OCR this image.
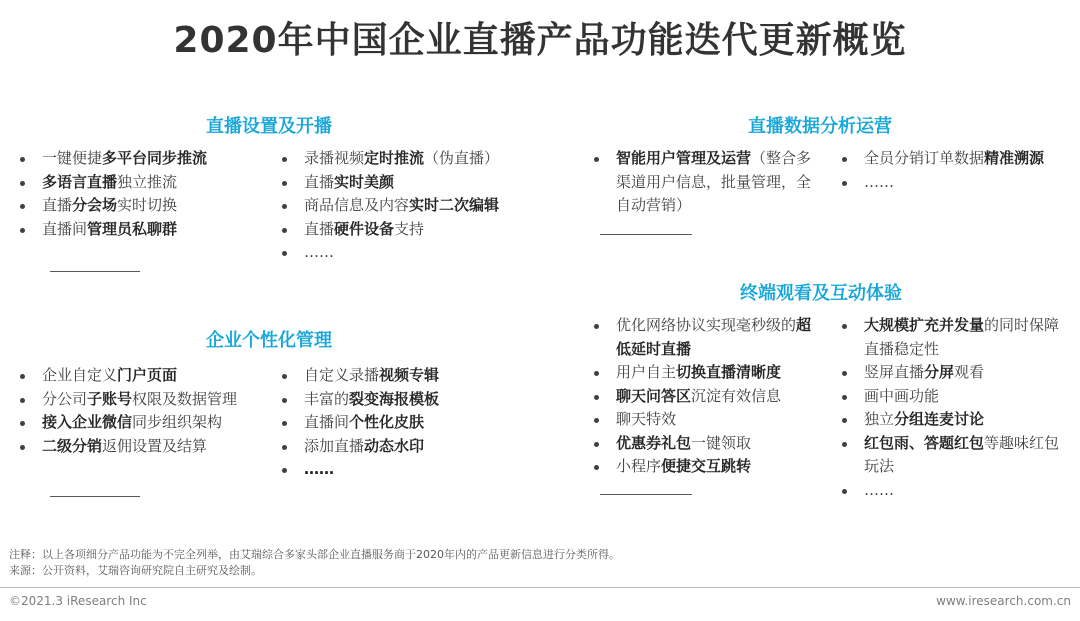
2020年中国企业直播产品功能迭代更新概览
直播设置及开播
一键便捷多平台同步推流
多语言直播独立推流
直播分会场实时切换
直播间管理员私聊群
录播视频定时推流（伪直播）
直播实时美颜
商品信息及内容实时二次编辑
直播硬件设备支持
……
企业个性化管理
企业自定义门户页面
分公司子账号权限及数据管理
接入企业微信同步组织架构
二级分销返佣设置及结算
自定义录播视频专辑
丰富的裂变海报模板
直播间个性化皮肤
添加直播动态水印
……
直播数据分析运营
智能用户管理及运营（整合多渠道用户信息，批量管理，全自动营销）
全员分销订单数据精准溯源
……
终端观看及互动体验
优化网络协议实现毫秒级的超低延时直播
用户自主切换直播清晰度
聊天问答区沉淀有效信息
聊天特效
优惠券礼包一键领取
小程序便捷交互跳转
大规模扩充并发量的同时保障直播稳定性
竖屏直播分屏观看
画中画功能
独立分组连麦讨论
红包雨、答题红包等趣味红包玩法
……
注释：以上各项细分产品功能为不完全列举，由艾瑞综合多家头部企业直播服务商于2020年内的产品更新信息进行分类所得。
来源：公开资料，艾瑞咨询研究院自主研究及绘制。
©2021.3 iResearch Inc	www.iresearch.com.cn
